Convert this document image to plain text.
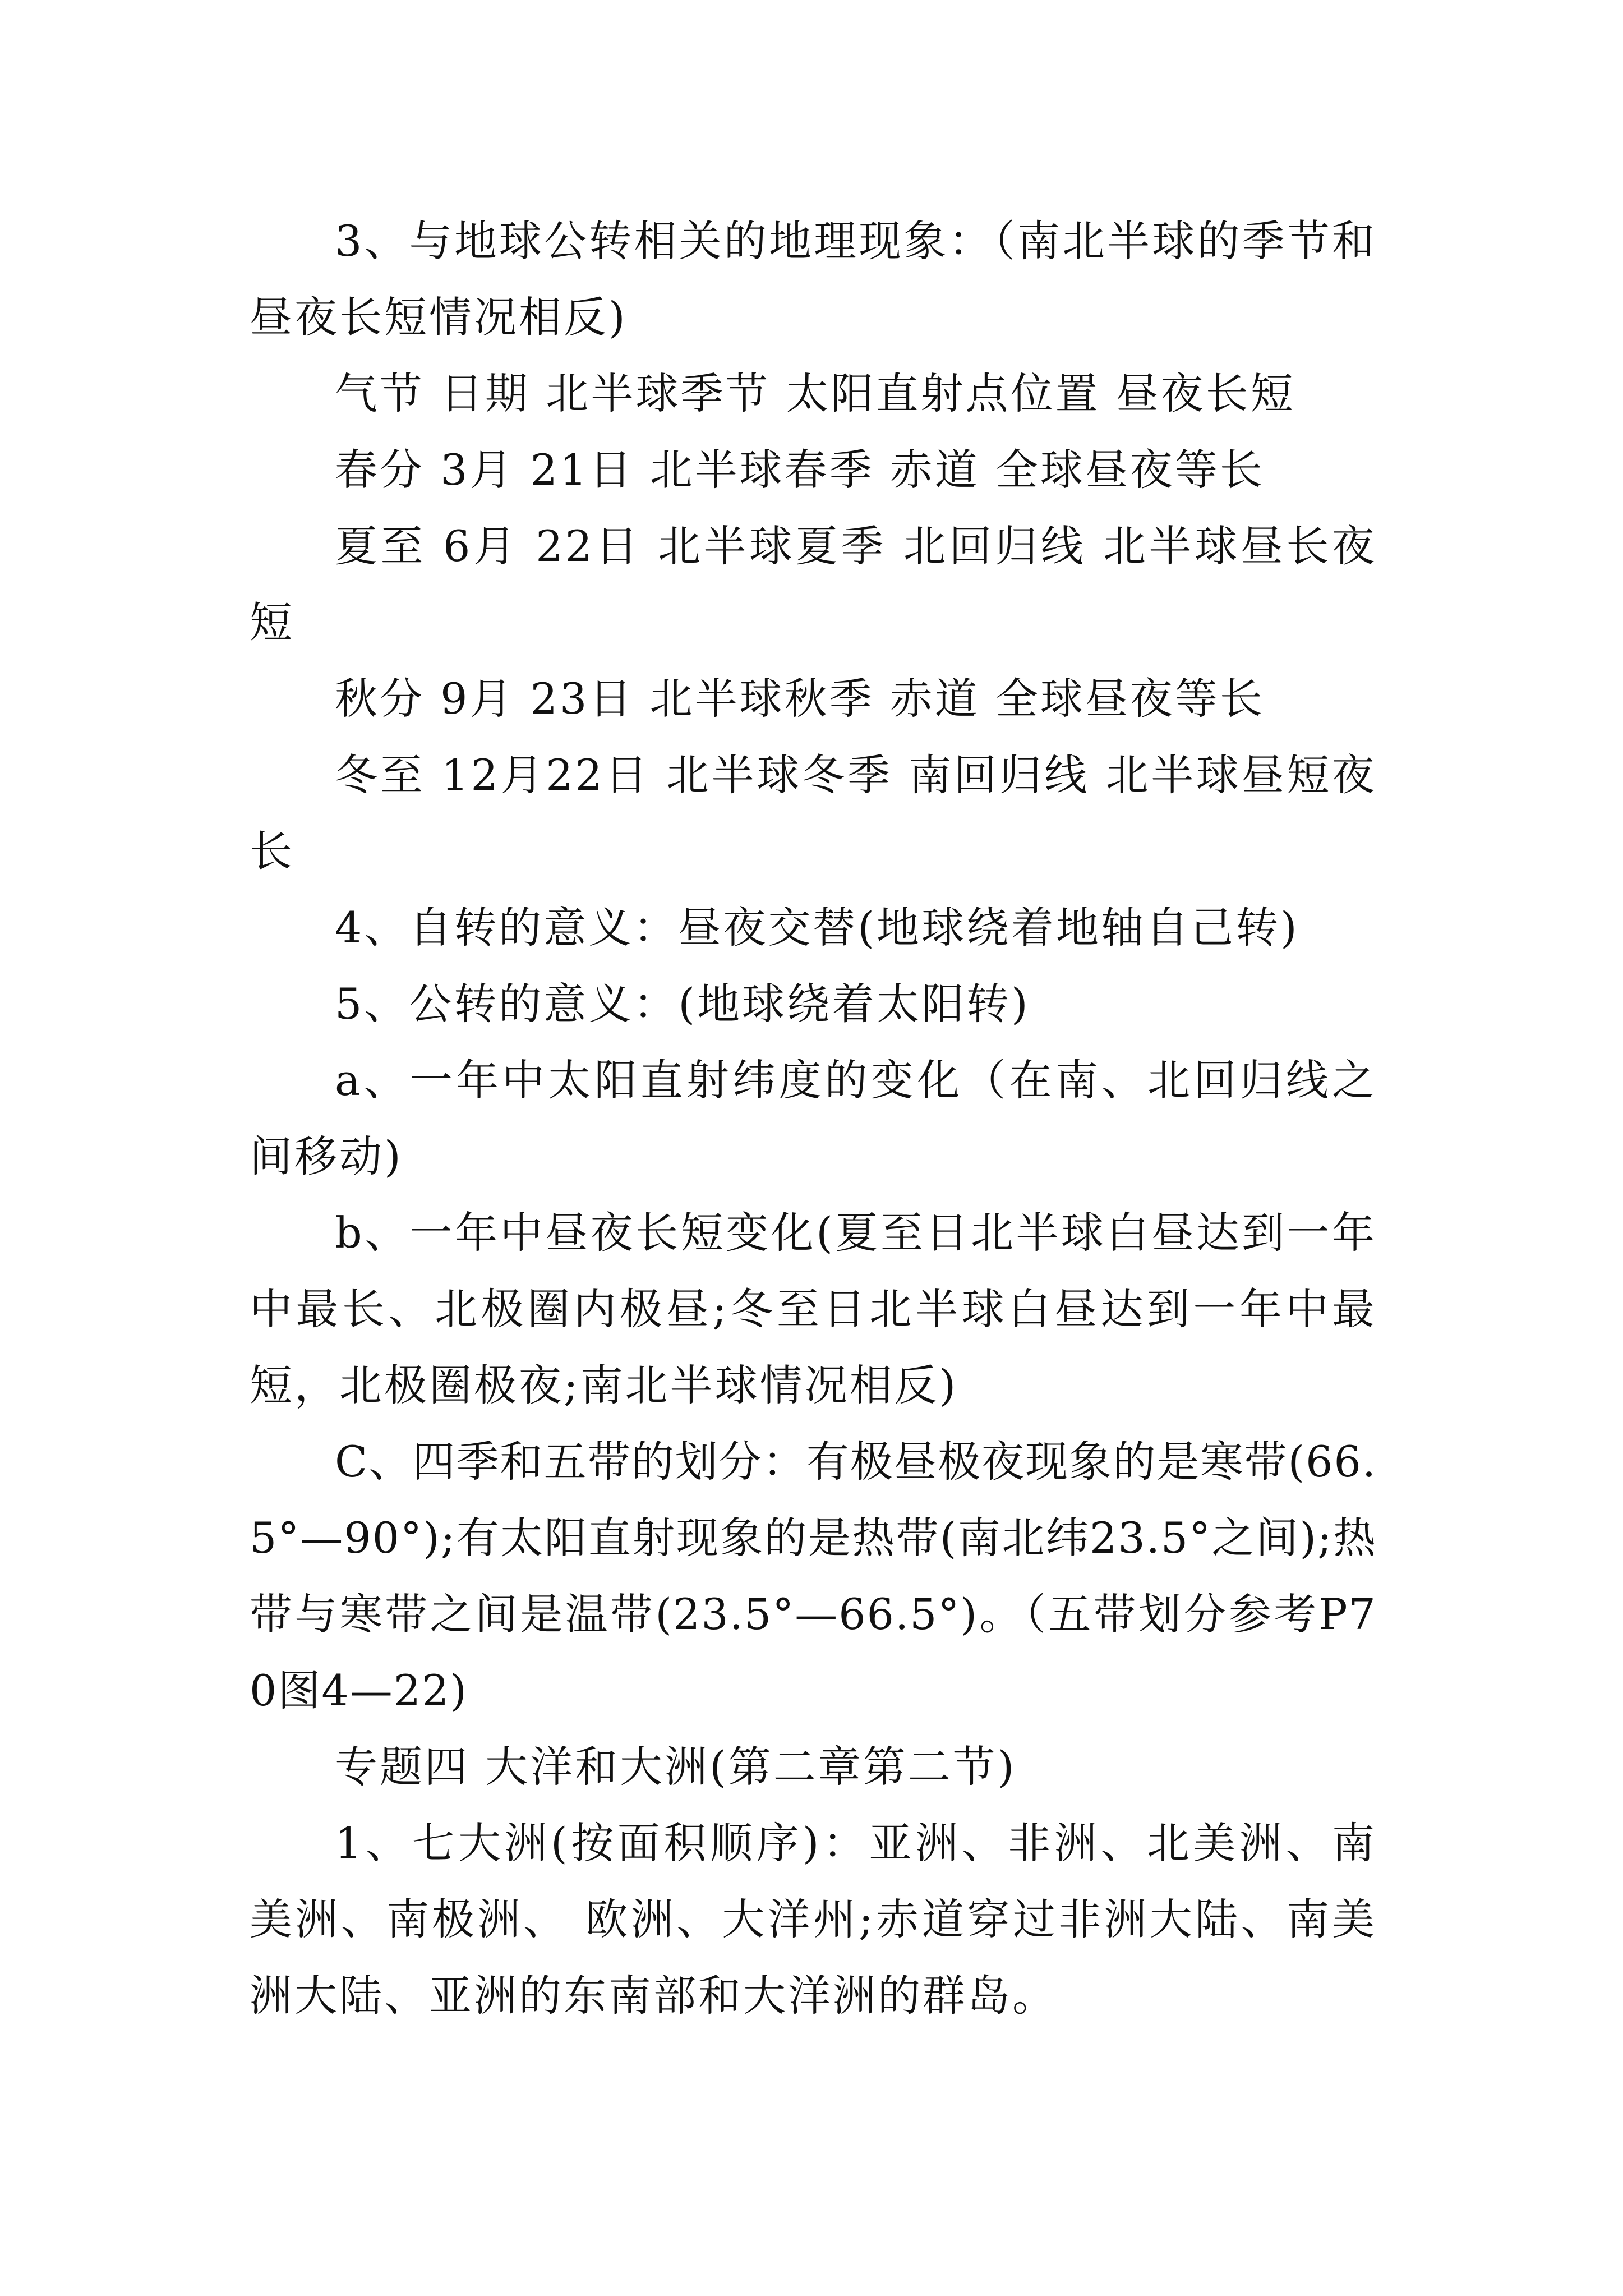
3、与地球公转相关的地理现象：（南北半球的季节和昼夜长短情况相反)

气节 日期 北半球季节 太阳直射点位置 昼夜长短

春分 3月 21日 北半球春季 赤道 全球昼夜等长

夏至 6月 22日 北半球夏季 北回归线 北半球昼长夜短

秋分 9月 23日 北半球秋季 赤道 全球昼夜等长

冬至 12月22日 北半球冬季 南回归线 北半球昼短夜长

4、自转的意义：昼夜交替(地球绕着地轴自己转)

5、公转的意义：(地球绕着太阳转)

a、一年中太阳直射纬度的变化（在南、北回归线之间移动)

b、一年中昼夜长短变化(夏至日北半球白昼达到一年中最长、北极圈内极昼;冬至日北半球白昼达到一年中最短，北极圈极夜;南北半球情况相反)

C、四季和五带的划分：有极昼极夜现象的是寒带(66.5°—90°);有太阳直射现象的是热带(南北纬23.5°之间);热带与寒带之间是温带(23.5°—66.5°)。（五带划分参考P70图4—22)

专题四 大洋和大洲(第二章第二节)

1、七大洲(按面积顺序)：亚洲、非洲、北美洲、南美洲、南极洲、 欧洲、大洋州;赤道穿过非洲大陆、南美洲大陆、亚洲的东南部和大洋洲的群岛。
